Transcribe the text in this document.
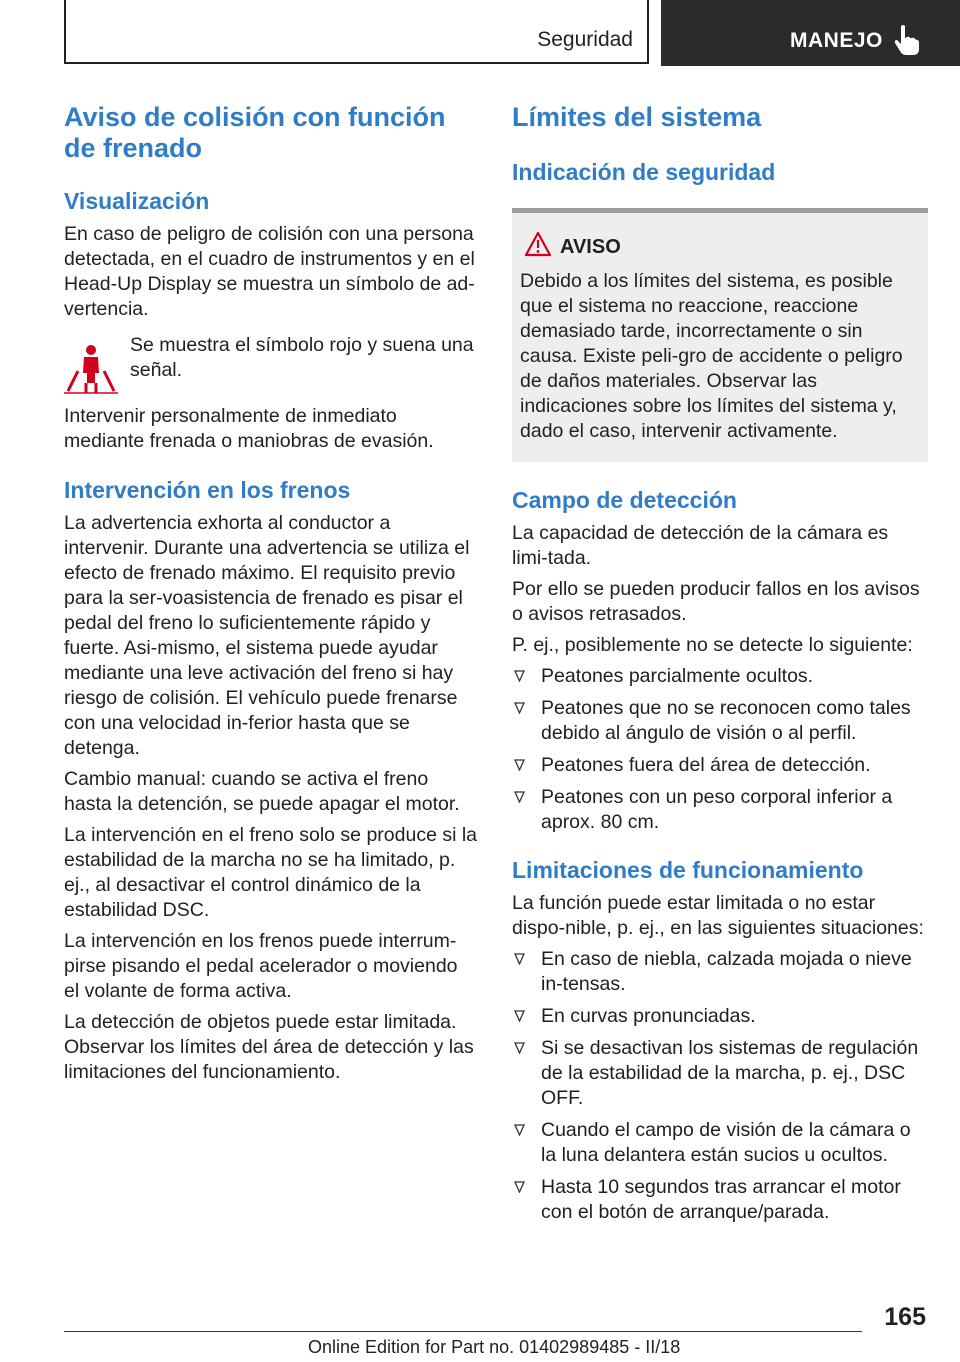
Seguridad	MANEJO
Aviso de colisión con función de frenado
Visualización

En caso de peligro de colisión con una persona detectada, en el cuadro de instrumentos y en el Head-Up Display se muestra un símbolo de ad-vertencia.

Se muestra el símbolo rojo y suena una señal.

Intervenir personalmente de inmediato mediante frenada o maniobras de evasión.

Intervención en los frenos

La advertencia exhorta al conductor a intervenir. Durante una advertencia se utiliza el efecto de frenado máximo. El requisito previo para la ser-voasistencia de frenado es pisar el pedal del freno lo suficientemente rápido y fuerte. Asi-mismo, el sistema puede ayudar mediante una leve activación del freno si hay riesgo de colisión. El vehículo puede frenarse con una velocidad in-ferior hasta que se detenga.

Cambio manual: cuando se activa el freno hasta la detención, se puede apagar el motor.

La intervención en el freno solo se produce si la estabilidad de la marcha no se ha limitado, p. ej., al desactivar el control dinámico de la estabilidad DSC.

La intervención en los frenos puede interrum-pirse pisando el pedal acelerador o moviendo el volante de forma activa.

La detección de objetos puede estar limitada. Observar los límites del área de detección y las limitaciones del funcionamiento.

Límites del sistema
Indicación de seguridad
AVISO

Debido a los límites del sistema, es posible que el sistema no reaccione, reaccione demasiado tarde, incorrectamente o sin causa. Existe peli-gro de accidente o peligro de daños materiales. Observar las indicaciones sobre los límites del sistema y, dado el caso, intervenir activamente.

Campo de detección

La capacidad de detección de la cámara es limi-tada.

Por ello se pueden producir fallos en los avisos o avisos retrasados.

P. ej., posiblemente no se detecte lo siguiente:

Peatones parcialmente ocultos.
Peatones que no se reconocen como tales debido al ángulo de visión o al perfil.
Peatones fuera del área de detección.
Peatones con un peso corporal inferior a aprox. 80 cm.
Limitaciones de funcionamiento

La función puede estar limitada o no estar dispo-nible, p. ej., en las siguientes situaciones:

En caso de niebla, calzada mojada o nieve in-tensas.
En curvas pronunciadas.
Si se desactivan los sistemas de regulación de la estabilidad de la marcha, p. ej., DSC OFF.
Cuando el campo de visión de la cámara o la luna delantera están sucios u ocultos.
Hasta 10 segundos tras arrancar el motor con el botón de arranque/parada.
165
Online Edition for Part no. 01402989485 - II/18
